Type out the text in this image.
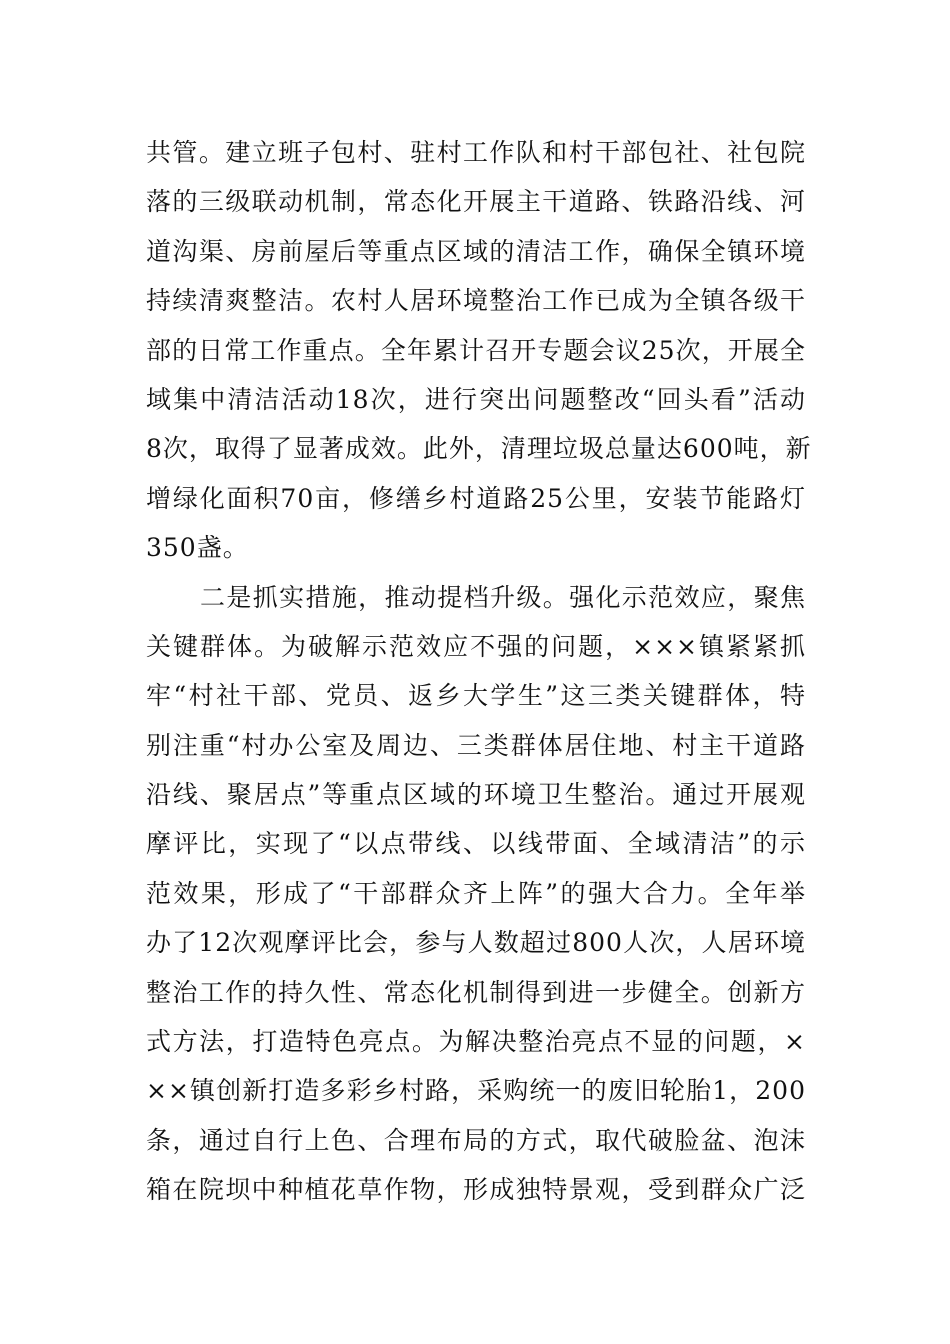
共管。建立班子包村、驻村工作队和村干部包社、社包院
落的三级联动机制，常态化开展主干道路、铁路沿线、河
道沟渠、房前屋后等重点区域的清洁工作，确保全镇环境
持续清爽整洁。农村人居环境整治工作已成为全镇各级干
部的日常工作重点。全年累计召开专题会议25次，开展全
域集中清洁活动18次，进行突出问题整改“回头看”活动
8次，取得了显著成效。此外，清理垃圾总量达600吨，新
增绿化面积70亩，修缮乡村道路25公里，安装节能路灯
350盏。
二是抓实措施，推动提档升级。强化示范效应，聚焦
关键群体。为破解示范效应不强的问题，×××镇紧紧抓
牢“村社干部、党员、返乡大学生”这三类关键群体，特
别注重“村办公室及周边、三类群体居住地、村主干道路
沿线、聚居点”等重点区域的环境卫生整治。通过开展观
摩评比，实现了“以点带线、以线带面、全域清洁”的示
范效果，形成了“干部群众齐上阵”的强大合力。全年举
办了12次观摩评比会，参与人数超过800人次，人居环境
整治工作的持久性、常态化机制得到进一步健全。创新方
式方法，打造特色亮点。为解决整治亮点不显的问题，×
××镇创新打造多彩乡村路，采购统一的废旧轮胎1，200
条，通过自行上色、合理布局的方式，取代破脸盆、泡沫
箱在院坝中种植花草作物，形成独特景观，受到群众广泛
